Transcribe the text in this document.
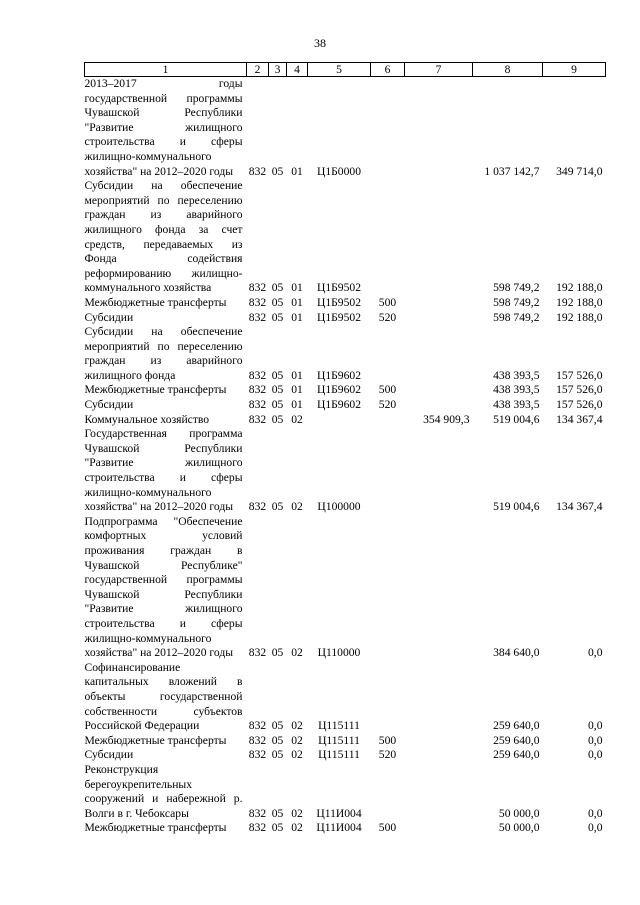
38
1	2	3	4	5	6	7	8	9
2013–2017 годы государственной программы Чувашской Республики "Развитие жилищного строительства и сферы жилищно-коммунального хозяйства" на 2012–2020 годы	832	05	01	Ц1Б0000			1 037 142,7	349 714,0
Субсидии на обеспечение мероприятий по переселению граждан из аварийного жилищного фонда за счет средств, передаваемых из Фонда содействия реформированию жилищно-коммунального хозяйства	832	05	01	Ц1Б9502			598 749,2	192 188,0
Межбюджетные трансферты	832	05	01	Ц1Б9502	500		598 749,2	192 188,0
Субсидии	832	05	01	Ц1Б9502	520		598 749,2	192 188,0
Субсидии на обеспечение мероприятий по переселению граждан из аварийного жилищного фонда	832	05	01	Ц1Б9602			438 393,5	157 526,0
Межбюджетные трансферты	832	05	01	Ц1Б9602	500		438 393,5	157 526,0
Субсидии	832	05	01	Ц1Б9602	520		438 393,5	157 526,0
Коммунальное хозяйство	832	05	02			354 909,3	519 004,6	134 367,4
Государственная программа Чувашской Республики "Развитие жилищного строительства и сферы жилищно-коммунального хозяйства" на 2012–2020 годы	832	05	02	Ц100000			519 004,6	134 367,4
Подпрограмма "Обеспечение комфортных условий проживания граждан в Чувашской Республике" государственной программы Чувашской Республики "Развитие жилищного строительства и сферы жилищно-коммунального хозяйства" на 2012–2020 годы	832	05	02	Ц110000			384 640,0	0,0
Софинансирование капитальных вложений в объекты государственной собственности субъектов Российской Федерации	832	05	02	Ц115111			259 640,0	0,0
Межбюджетные трансферты	832	05	02	Ц115111	500		259 640,0	0,0
Субсидии	832	05	02	Ц115111	520		259 640,0	0,0
Реконструкция берегоукрепительных сооружений и набережной р. Волги в г. Чебоксары	832	05	02	Ц11И004			50 000,0	0,0
Межбюджетные трансферты	832	05	02	Ц11И004	500		50 000,0	0,0
